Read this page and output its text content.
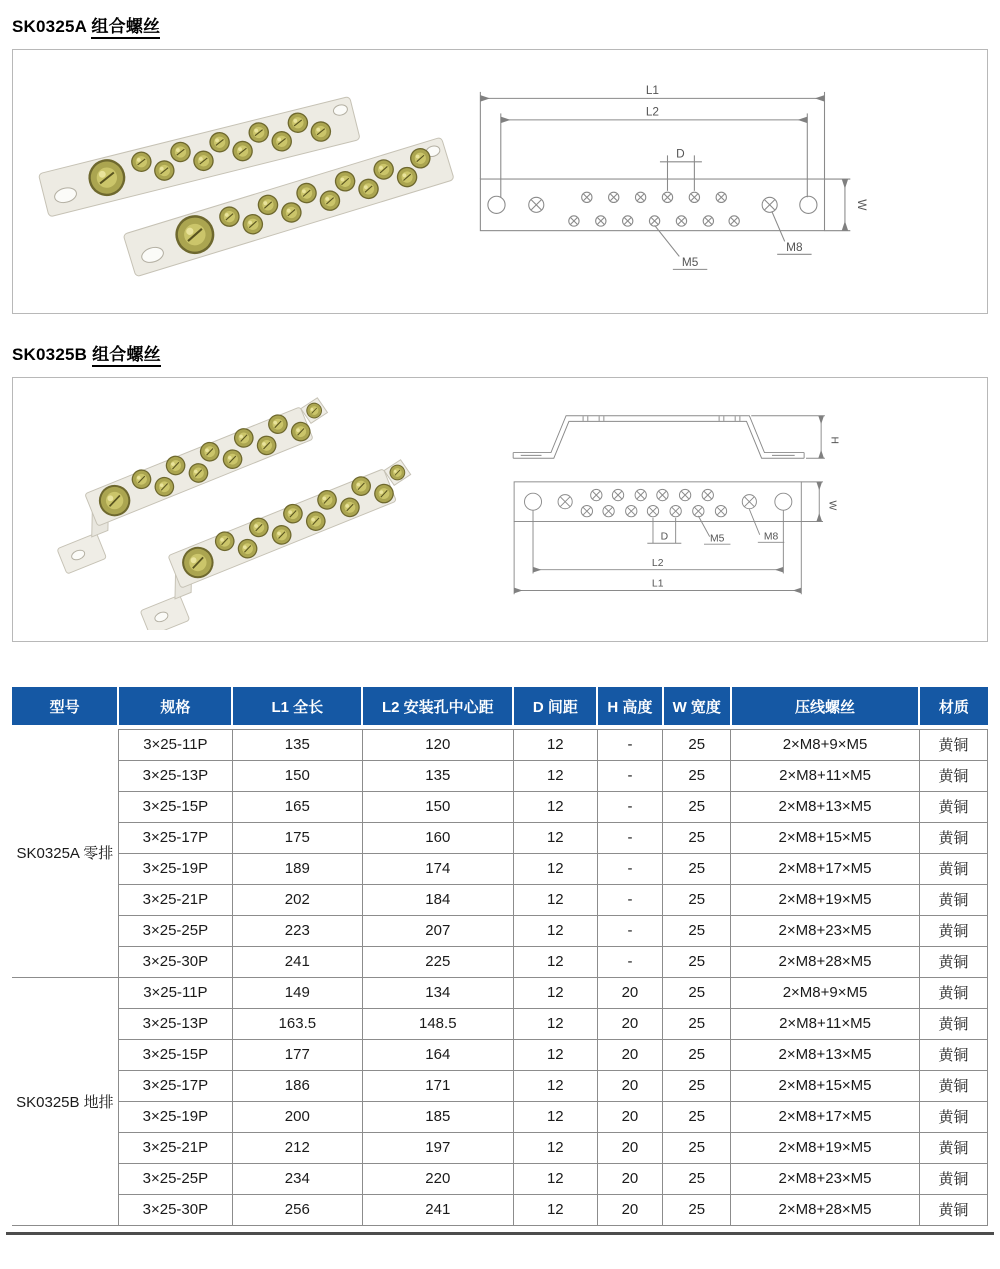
SK0325A 组合螺丝
L1
L2
D
W
M5
M8
SK0325B 组合螺丝
H
W
D	M5	M8
L2
L1
型号	规格	L1 全长	L2 安装孔中心距	D 间距	H 高度	W 宽度	压线螺丝	材质

SK0325A 零排	3×25-11P	135	120	12	-	25	2×M8+9×M5	黄铜
	3×25-13P	150	135	12	-	25	2×M8+11×M5	黄铜
	3×25-15P	165	150	12	-	25	2×M8+13×M5	黄铜
	3×25-17P	175	160	12	-	25	2×M8+15×M5	黄铜
	3×25-19P	189	174	12	-	25	2×M8+17×M5	黄铜
	3×25-21P	202	184	12	-	25	2×M8+19×M5	黄铜
	3×25-25P	223	207	12	-	25	2×M8+23×M5	黄铜
	3×25-30P	241	225	12	-	25	2×M8+28×M5	黄铜
SK0325B 地排	3×25-11P	149	134	12	20	25	2×M8+9×M5	黄铜
	3×25-13P	163.5	148.5	12	20	25	2×M8+11×M5	黄铜
	3×25-15P	177	164	12	20	25	2×M8+13×M5	黄铜
	3×25-17P	186	171	12	20	25	2×M8+15×M5	黄铜
	3×25-19P	200	185	12	20	25	2×M8+17×M5	黄铜
	3×25-21P	212	197	12	20	25	2×M8+19×M5	黄铜
	3×25-25P	234	220	12	20	25	2×M8+23×M5	黄铜
	3×25-30P	256	241	12	20	25	2×M8+28×M5	黄铜
